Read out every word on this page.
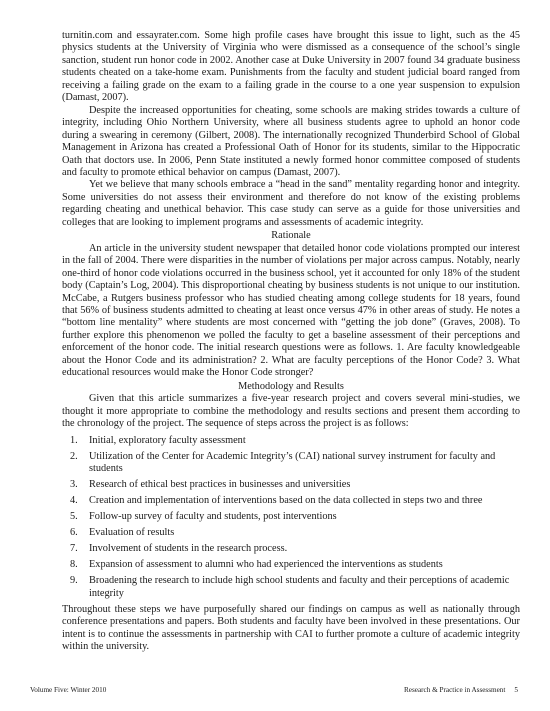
turnitin.com and essayrater.com. Some high profile cases have brought this issue to light, such as the 45 physics students at the University of Virginia who were dismissed as a consequence of the school’s single sanction, student run honor code in 2002. Another case at Duke University in 2007 found 34 graduate business students cheated on a take-home exam. Punishments from the faculty and student judicial board ranged from receiving a failing grade on the exam to a failing grade in the course to a one year suspension to expulsion (Damast, 2007).

Despite the increased opportunities for cheating, some schools are making strides towards a culture of integrity, including Ohio Northern University, where all business students agree to uphold an honor code during a swearing in ceremony (Gilbert, 2008). The internationally recognized Thunderbird School of Global Management in Arizona has created a Professional Oath of Honor for its students, similar to the Hippocratic Oath that doctors use. In 2006, Penn State instituted a newly formed honor committee composed of students and faculty to promote ethical behavior on campus (Damast, 2007).

Yet we believe that many schools embrace a “head in the sand” mentality regarding honor and integrity. Some universities do not assess their environment and therefore do not know of the existing problems regarding cheating and unethical behavior. This case study can serve as a guide for those universities and colleges that are looking to implement programs and assessments of academic integrity.

Rationale

An article in the university student newspaper that detailed honor code violations prompted our interest in the fall of 2004. There were disparities in the number of violations per major across campus. Notably, nearly one-third of honor code violations occurred in the business school, yet it accounted for only 18% of the student body (Captain’s Log, 2004). This disproportional cheating by business students is not unique to our institution. McCabe, a Rutgers business professor who has studied cheating among college students for 18 years, found that 56% of business students admitted to cheating at least once versus 47% in other areas of study. He notes a “bottom line mentality” where students are most concerned with “getting the job done” (Graves, 2008). To further explore this phenomenon we polled the faculty to get a baseline assessment of their perceptions and enforcement of the honor code. The initial research questions were as follows. 1. Are faculty knowledgeable about the Honor Code and its administration? 2. What are faculty perceptions of the Honor Code? 3. What educational resources would make the Honor Code stronger?

Methodology and Results

Given that this article summarizes a five-year research project and covers several mini-studies, we thought it more appropriate to combine the methodology and results sections and present them according to the chronology of the project. The sequence of steps across the project is as follows:

1. Initial, exploratory faculty assessment
2. Utilization of the Center for Academic Integrity’s (CAI) national survey instrument for faculty and students
3. Research of ethical best practices in businesses and universities
4. Creation and implementation of interventions based on the data collected in steps two and three
5. Follow-up survey of faculty and students, post interventions
6. Evaluation of results
7. Involvement of students in the research process.
8. Expansion of assessment to alumni who had experienced the interventions as students
9. Broadening the research to include high school students and faculty and their perceptions of academic integrity

Throughout these steps we have purposefully shared our findings on campus as well as nationally through conference presentations and papers. Both students and faculty have been involved in these presentations. Our intent is to continue the assessments in partnership with CAI to further promote a culture of academic integrity within the university.

Volume Five: Winter 2010	Research & Practice in Assessment 5
